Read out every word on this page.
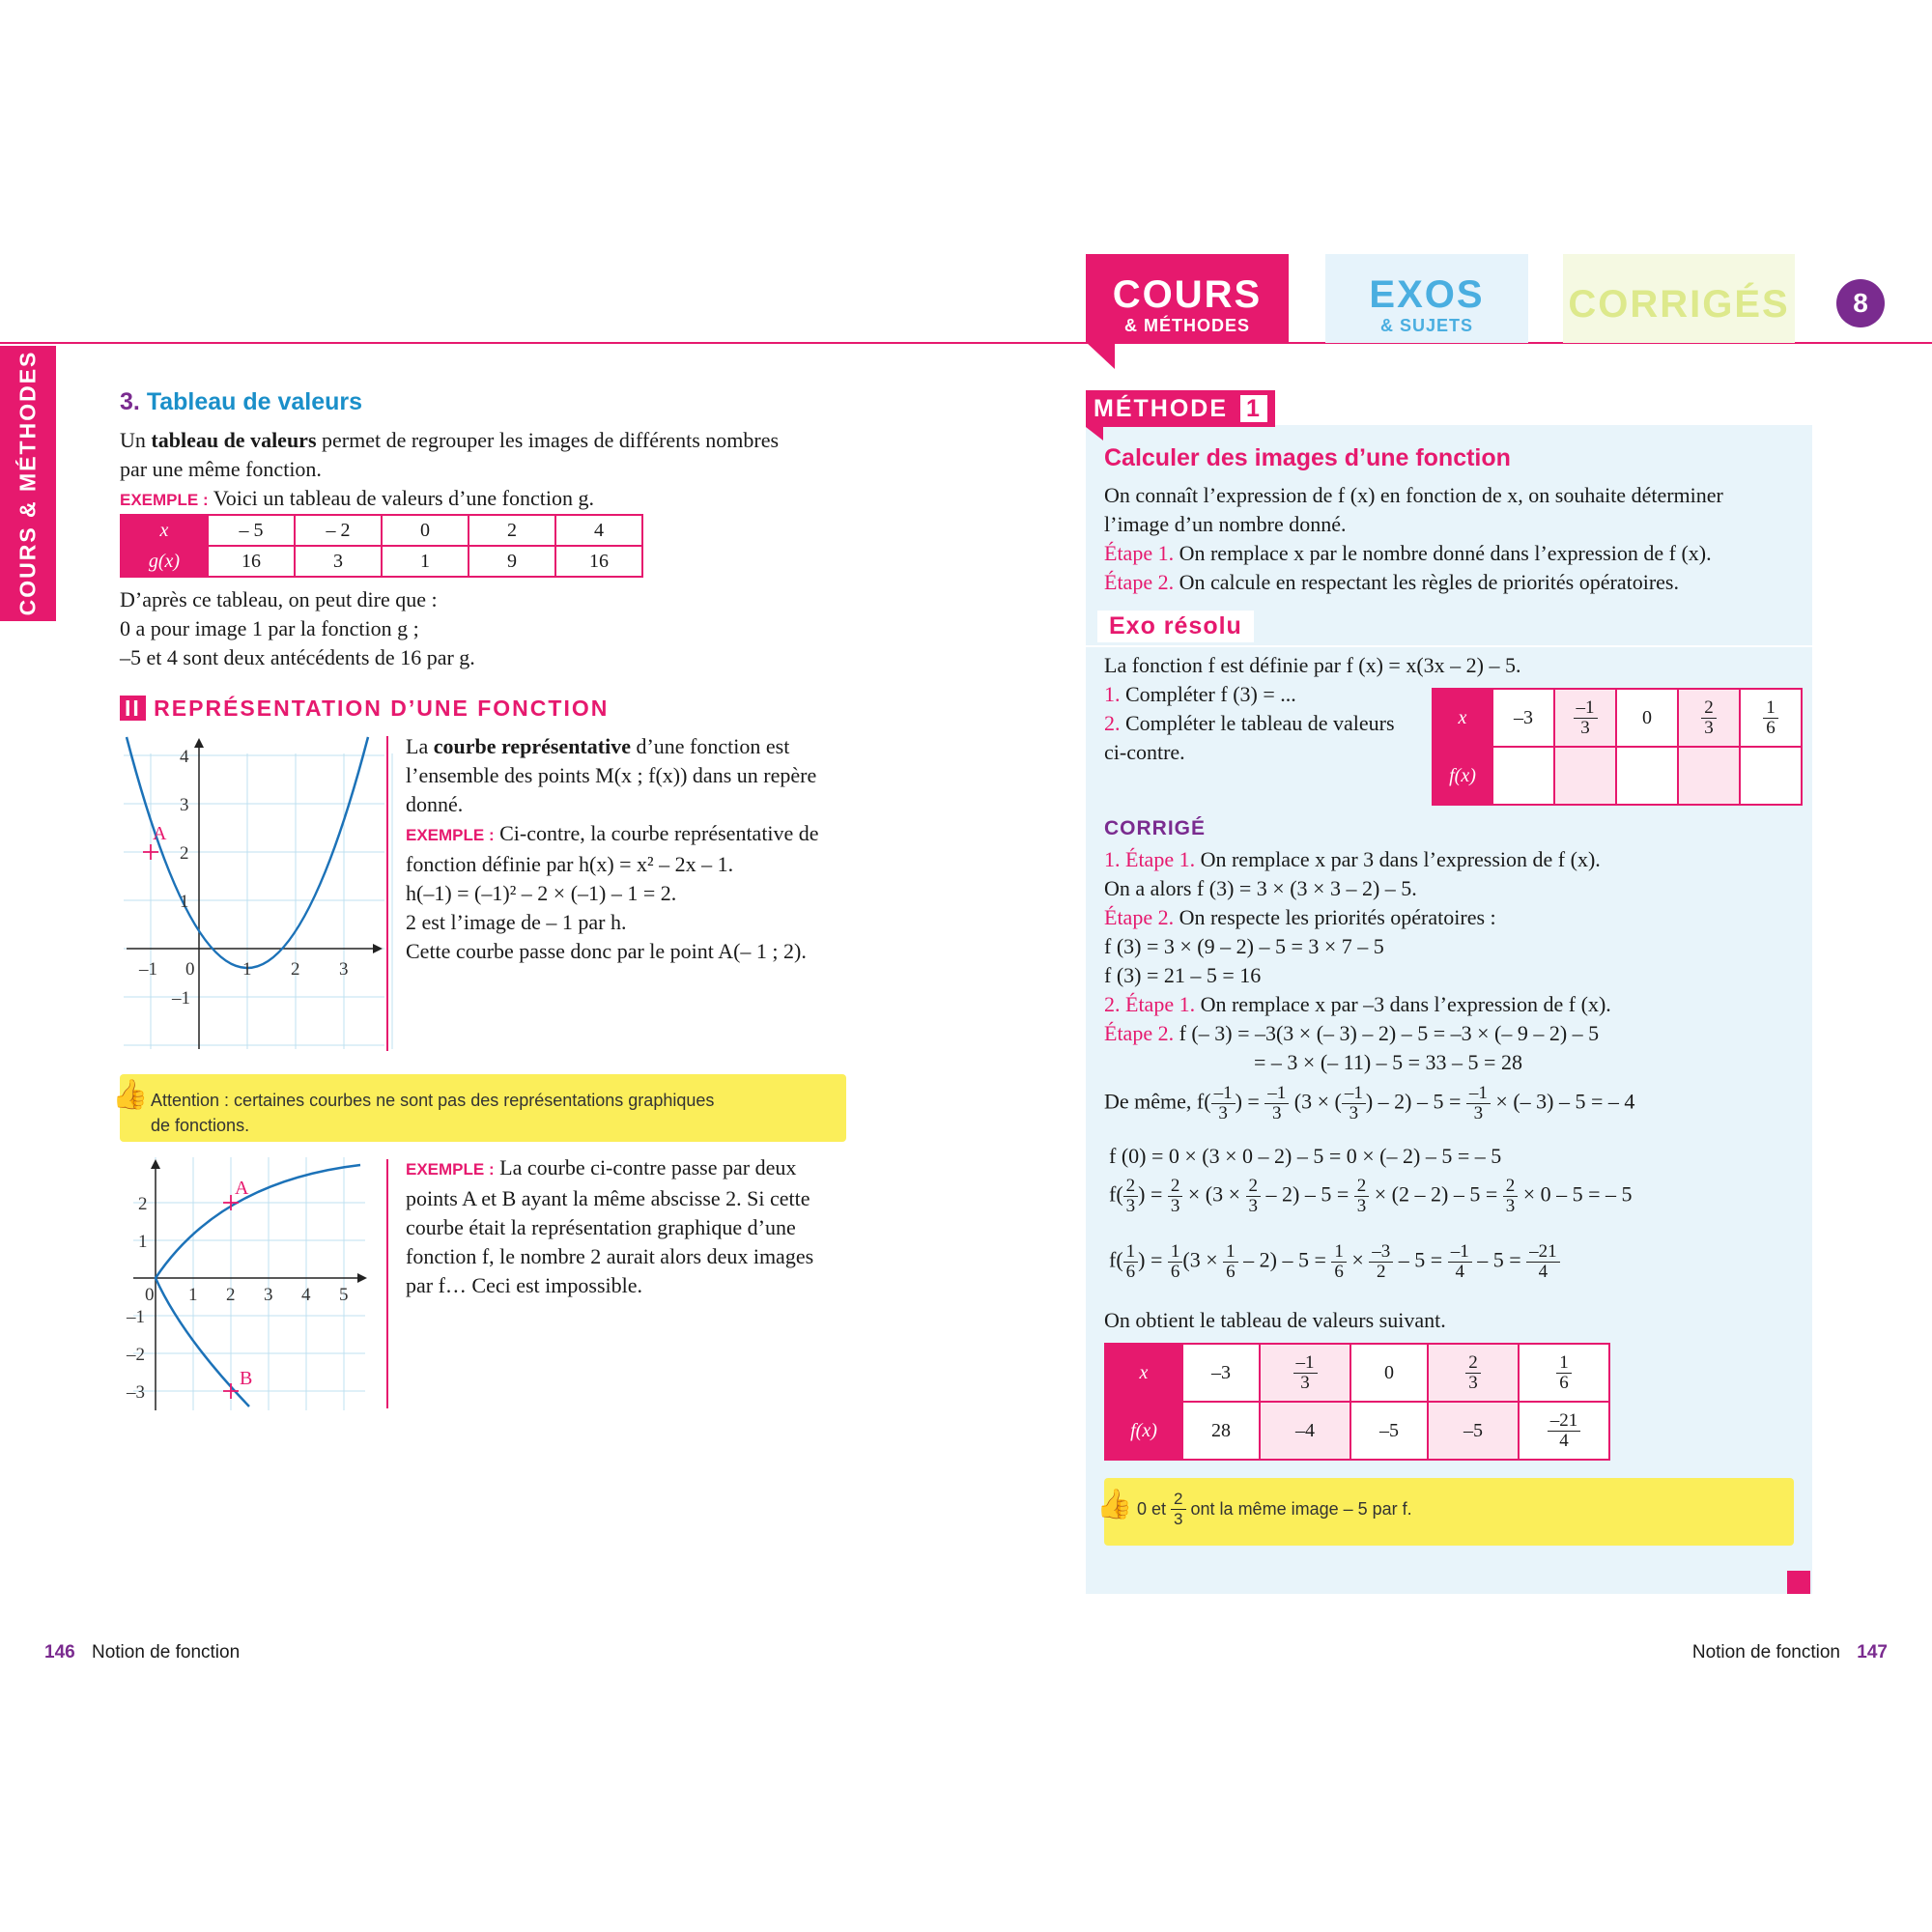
COURS
& MÉTHODES
EXOS
& SUJETS	CORRIGÉS	8
COURS & MÉTHODES	3. Tableau de valeurs
Un tableau de valeurs permet de regrouper les images de différents nombres
par une même fonction.
EXEMPLE : Voici un tableau de valeurs d’une fonction g.
x	– 5	– 2	0	2	4
g(x)	16	3	1	9	16
D’après ce tableau, on peut dire que :
0 a pour image 1 par la fonction g ;
–5 et 4 sont deux antécédents de 16 par g.
II REPRÉSENTATION D’UNE FONCTION
A
4
3
2
1
–1
–1 0	1 2 3
La courbe représentative d’une fonction est
l’ensemble des points M(x ; f(x)) dans un repère
donné.
EXEMPLE : Ci-contre, la courbe représentative de
fonction définie par h(x) = x² – 2x – 1.
h(–1) = (–1)² – 2 × (–1) – 1 = 2.
2 est l’image de – 1 par h.
Cette courbe passe donc par le point A(– 1 ; 2).
👍 Attention : certaines courbes ne sont pas des représentations graphiques
de fonctions.
A
B
2
1
–1
–2
–3
0 1 2 3 4 5
EXEMPLE : La courbe ci-contre passe par deux
points A et B ayant la même abscisse 2. Si cette
courbe était la représentation graphique d’une
fonction f, le nombre 2 aurait alors deux images
par f… Ceci est impossible.
MÉTHODE 1
Calculer des images d’une fonction
On connaît l’expression de f (x) en fonction de x, on souhaite déterminer
l’image d’un nombre donné.
Étape 1. On remplace x par le nombre donné dans l’expression de f (x).
Étape 2. On calcule en respectant les règles de priorités opératoires.
Exo résolu
La fonction f est définie par f (x) = x(3x – 2) – 5.
1. Compléter f (3) = ...
2. Compléter le tableau de valeurs
ci-contre.
x	–3	$\frac{-1}{3}$	0	$\frac{2}{3}$	$\frac{1}{6}$

f(x)					
CORRIGÉ
1. Étape 1. On remplace x par 3 dans l’expression de f (x).
On a alors f (3) = 3 × (3 × 3 – 2) – 5.
Étape 2. On respecte les priorités opératoires :
f (3) = 3 × (9 – 2) – 5 = 3 × 7 – 5
f (3) = 21 – 5 = 16
2. Étape 1. On remplace x par –3 dans l’expression de f (x).
Étape 2. f (– 3) = –3(3 × (– 3) – 2) – 5 = –3 × (– 9 – 2) – 5
= – 3 × (– 11) – 5 = 33 – 5 = 28
De même, $f( \frac{-1}{3}$ ) = $\frac{-1}{3} (3$ × ( $\frac{-1}{3}$ ) – $2) - 5 = \frac{-1}{3}$ × (– 3) – 5 = – 4
f (0) = 0 × (3 × 0 – 2) – 5 = 0 × (– 2) – 5 = – 5
$f( \frac{2}{3}$ ) = $\frac{2}{3} \times (3 \times \frac{2}{3} - 2) - 5 = \frac{2}{3} \times (2 - 2) - 5 = \frac{2}{3} \times 0 - 5$ = – 5
$f( \frac{1}{6}$ ) = $\frac{1}{6} (3 \times \frac{1}{6} - 2) - 5 = \frac{1}{6} \times \frac{-3}{2} - 5 = \frac{-1}{4} - 5 = \frac{-21}{4}$
On obtient le tableau de valeurs suivant.
x	–3	$\frac{-1}{3}$	0	$\frac{2}{3}$	$\frac{1}{6}$

f(x)	28	–4	–5	–5	$\frac{-21}{4}$
👍 0 et $\frac{2}{3}$ ont la même image – 5 par f.
146 Notion de fonction	Notion de fonction 147
